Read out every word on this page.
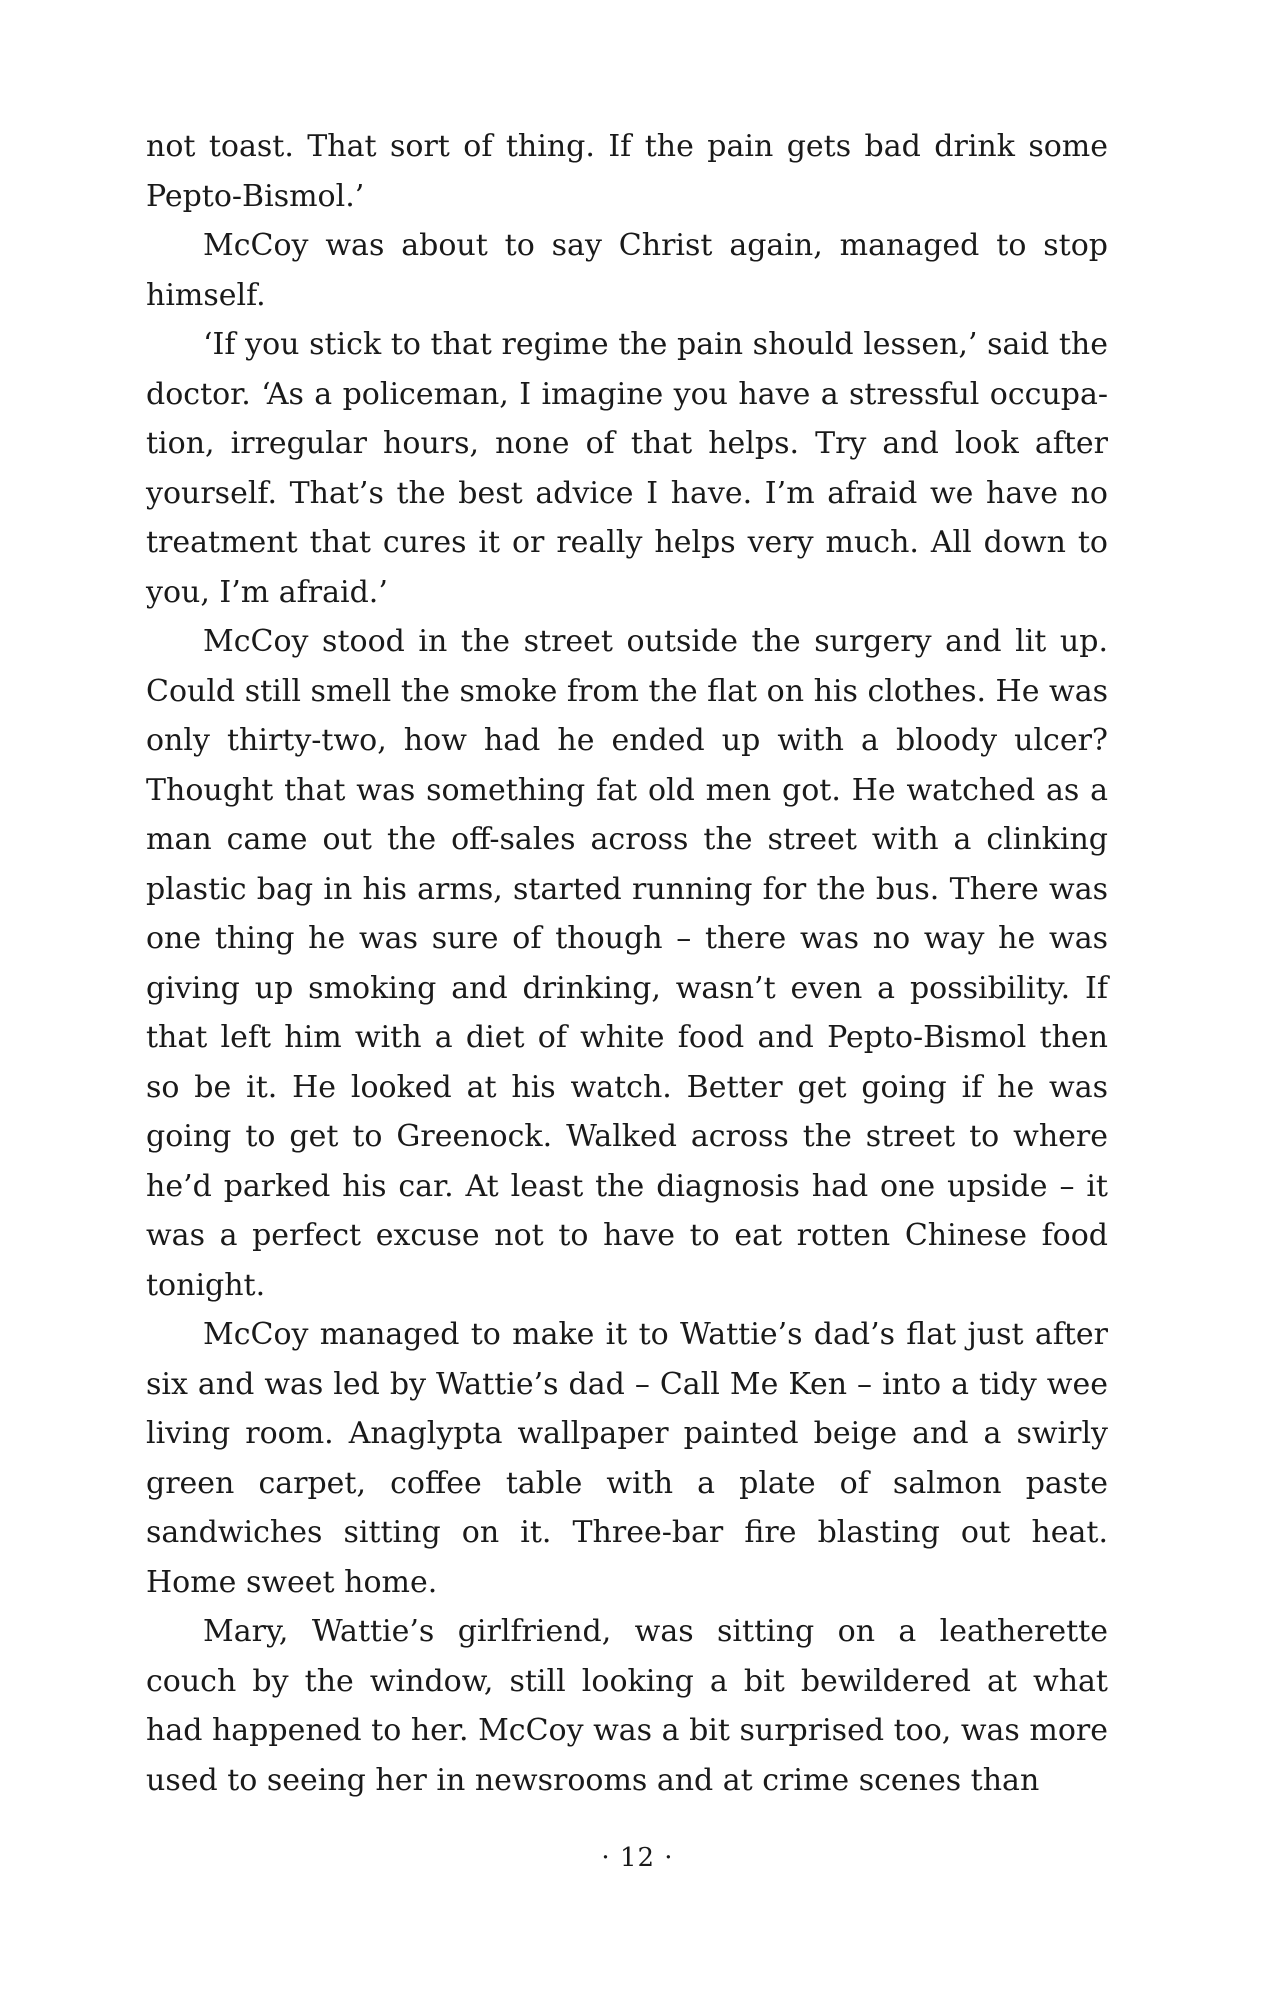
not toast. That sort of thing. If the pain gets bad drink some Pepto-Bismol.’

McCoy was about to say Christ again, managed to stop himself.

‘If you stick to that regime the pain should lessen,’ said the doctor. ‘As a policeman, I imagine you have a stressful occupation, irregular hours, none of that helps. Try and look after yourself. That’s the best advice I have. I’m afraid we have no treatment that cures it or really helps very much. All down to you, I’m afraid.’

McCoy stood in the street outside the surgery and lit up. Could still smell the smoke from the flat on his clothes. He was only thirty-two, how had he ended up with a bloody ulcer? Thought that was something fat old men got. He watched as a man came out the off-sales across the street with a clinking plastic bag in his arms, started running for the bus. There was one thing he was sure of though – there was no way he was giving up smoking and drinking, wasn’t even a possibility. If that left him with a diet of white food and Pepto-Bismol then so be it. He looked at his watch. Better get going if he was going to get to Greenock. Walked across the street to where he’d parked his car. At least the diagnosis had one upside – it was a perfect excuse not to have to eat rotten Chinese food tonight.

McCoy managed to make it to Wattie’s dad’s flat just after six and was led by Wattie’s dad – Call Me Ken – into a tidy wee living room. Anaglypta wallpaper painted beige and a swirly green carpet, coffee table with a plate of salmon paste sandwiches sitting on it. Three-bar fire blasting out heat. Home sweet home.

Mary, Wattie’s girlfriend, was sitting on a leatherette couch by the window, still looking a bit bewildered at what had happened to her. McCoy was a bit surprised too, was more used to seeing her in newsrooms and at crime scenes than

· 12 ·
